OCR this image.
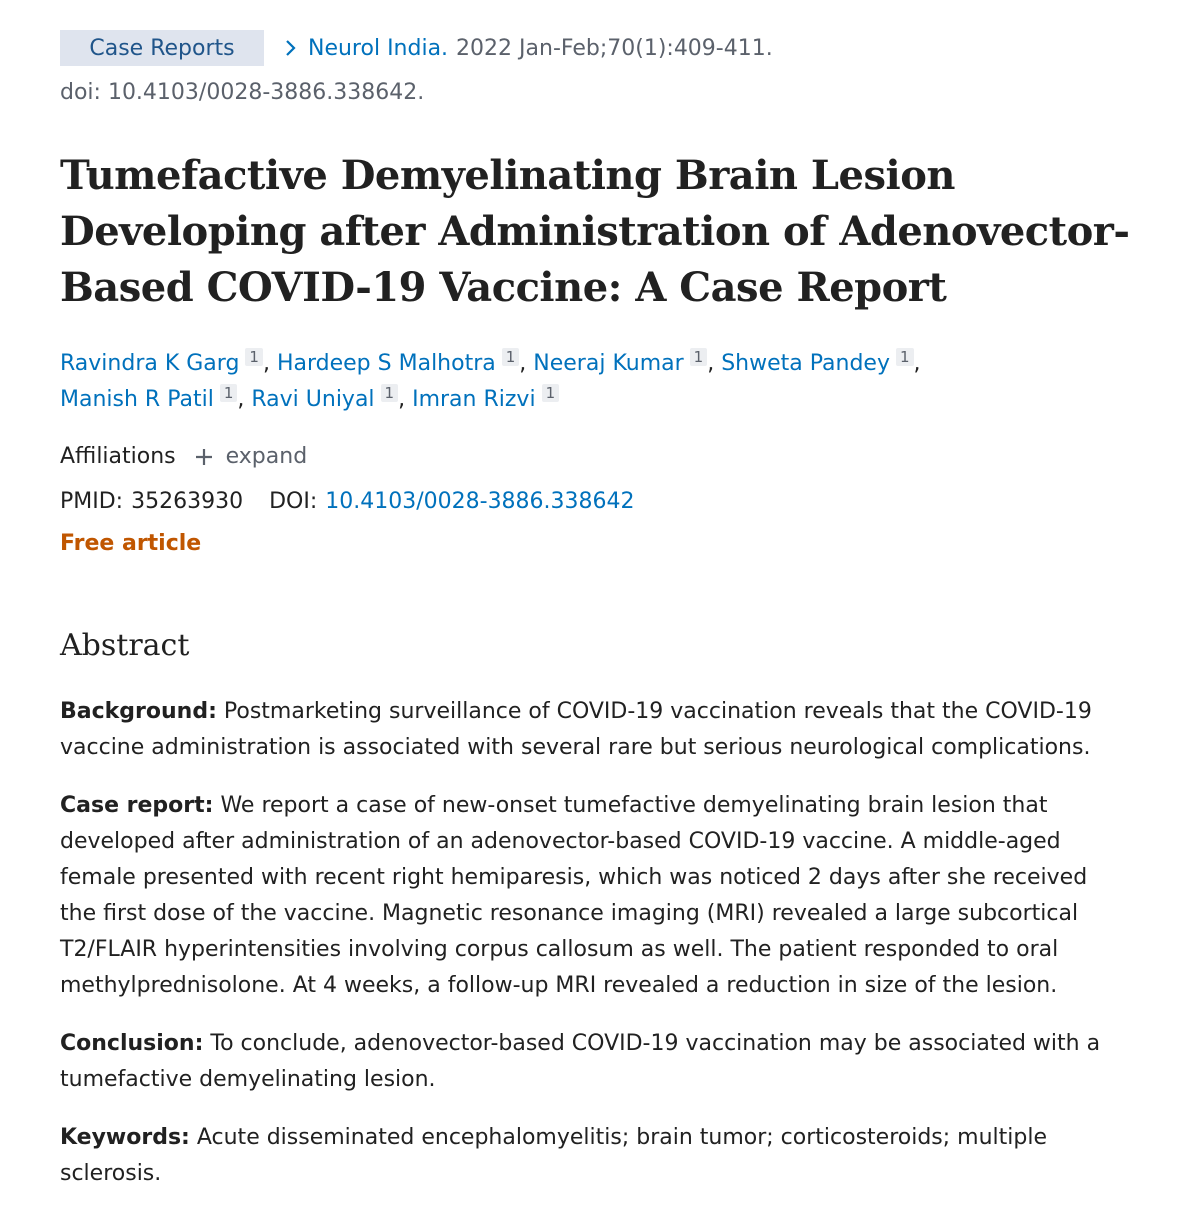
Case Reports	Neurol India. 2022 Jan-Feb;70(1):409-411.
doi: 10.4103/0028-3886.338642.
Tumefactive Demyelinating Brain Lesion
Developing after Administration of Adenovector-
Based COVID-19 Vaccine: A Case Report
Ravindra K Garg 1 , Hardeep S Malhotra 1 , Neeraj Kumar 1 , Shweta Pandey 1 ,
Manish R Patil 1 , Ravi Uniyal 1 , Imran Rizvi 1
Affiliations expand
PMID: 35263930 DOI: 10.4103/0028-3886.338642
Free article
Abstract

Background: Postmarketing surveillance of COVID-19 vaccination reveals that the COVID-19
vaccine administration is associated with several rare but serious neurological complications.

Case report: We report a case of new-onset tumefactive demyelinating brain lesion that
developed after administration of an adenovector-based COVID-19 vaccine. A middle-aged
female presented with recent right hemiparesis, which was noticed 2 days after she received
the first dose of the vaccine. Magnetic resonance imaging (MRI) revealed a large subcortical
T2/FLAIR hyperintensities involving corpus callosum as well. The patient responded to oral
methylprednisolone. At 4 weeks, a follow-up MRI revealed a reduction in size of the lesion.

Conclusion: To conclude, adenovector-based COVID-19 vaccination may be associated with a
tumefactive demyelinating lesion.

Keywords: Acute disseminated encephalomyelitis; brain tumor; corticosteroids; multiple
sclerosis.
